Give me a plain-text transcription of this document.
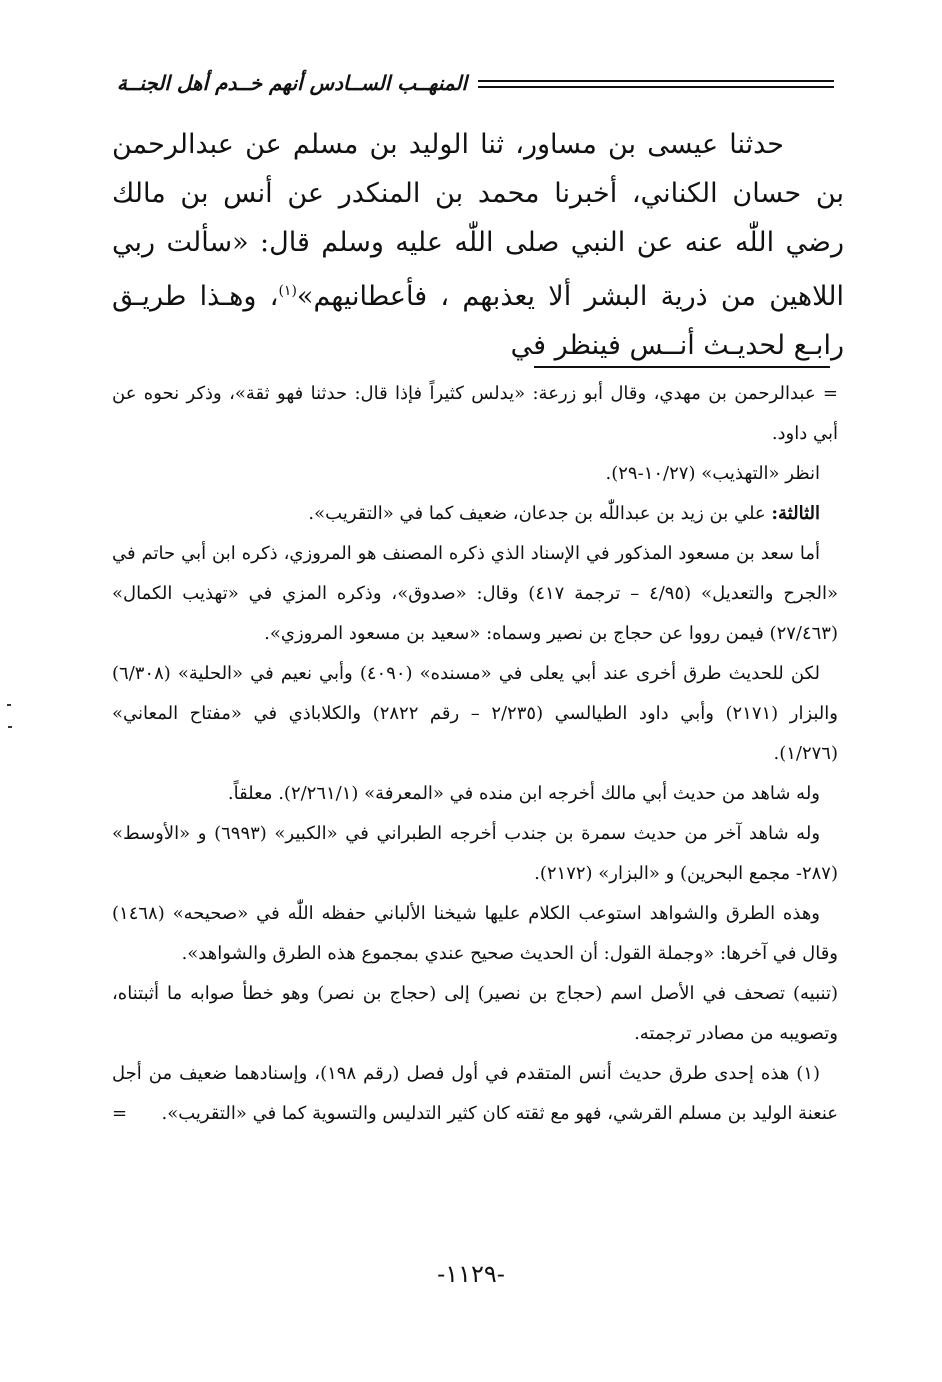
المنهــب الســادس أنهم خــدم أهل الجنــة

حدثنا عيسى بن مساور، ثنا الوليد بن مسلم عن عبدالرحمن بن حسان الكناني، أخبرنا محمد بن المنكدر عن أنس بن مالك رضي اللّٰه عنه عن النبي صلى اللّٰه عليه وسلم قال: «سألت ربي اللاهين من ذرية البشر ألا يعذبهم ، فأعطانيهم»$^{(١)}$، وهـذا طريـق رابـع لحديـث أنــس فينظر في

= عبدالرحمن بن مهدي، وقال أبو زرعة: «يدلس كثيراً فإذا قال: حدثنا فهو ثقة»، وذكر نحوه عن أبي داود.

انظر «التهذيب» (١٠/٢٧-٢٩).

الثالثة: علي بن زيد بن عبداللّٰه بن جدعان، ضعيف كما في «التقريب».

أما سعد بن مسعود المذكور في الإسناد الذي ذكره المصنف هو المروزي، ذكره ابن أبي حاتم في «الجرح والتعديل» (٤/٩٥ – ترجمة ٤١٧) وقال: «صدوق»، وذكره المزي في «تهذيب الكمال» (٢٧/٤٦٣) فيمن رووا عن حجاج بن نصير وسماه: «سعيد بن مسعود المروزي».

لكن للحديث طرق أخرى عند أبي يعلى في «مسنده» (٤٠٩٠) وأبي نعيم في «الحلية» (٦/٣٠٨) والبزار (٢١٧١) وأبي داود الطيالسي (٢/٢٣٥ – رقم ٢٨٢٢) والكلاباذي في «مفتاح المعاني» (١/٢٧٦).

وله شاهد من حديث أبي مالك أخرجه ابن منده في «المعرفة» (٢/٢٦١/١). معلقاً.

وله شاهد آخر من حديث سمرة بن جندب أخرجه الطبراني في «الكبير» (٦٩٩٣) و «الأوسط» (٢٨٧- مجمع البحرين) و «البزار» (٢١٧٢).

وهذه الطرق والشواهد استوعب الكلام عليها شيخنا الألباني حفظه اللّٰه في «صحيحه» (١٤٦٨) وقال في آخرها: «وجملة القول: أن الحديث صحيح عندي بمجموع هذه الطرق والشواهد».

(تنبيه) تصحف في الأصل اسم (حجاج بن نصير) إلى (حجاج بن نصر) وهو خطأ صوابه ما أثبتناه، وتصويبه من مصادر ترجمته.

(١) هذه إحدى طرق حديث أنس المتقدم في أول فصل (رقم ١٩٨)، وإسنادهما ضعيف من أجل عنعنة الوليد بن مسلم القرشي، فهو مع ثقته كان كثير التدليس والتسوية كما في «التقريب».

=

-١١٢٩-
